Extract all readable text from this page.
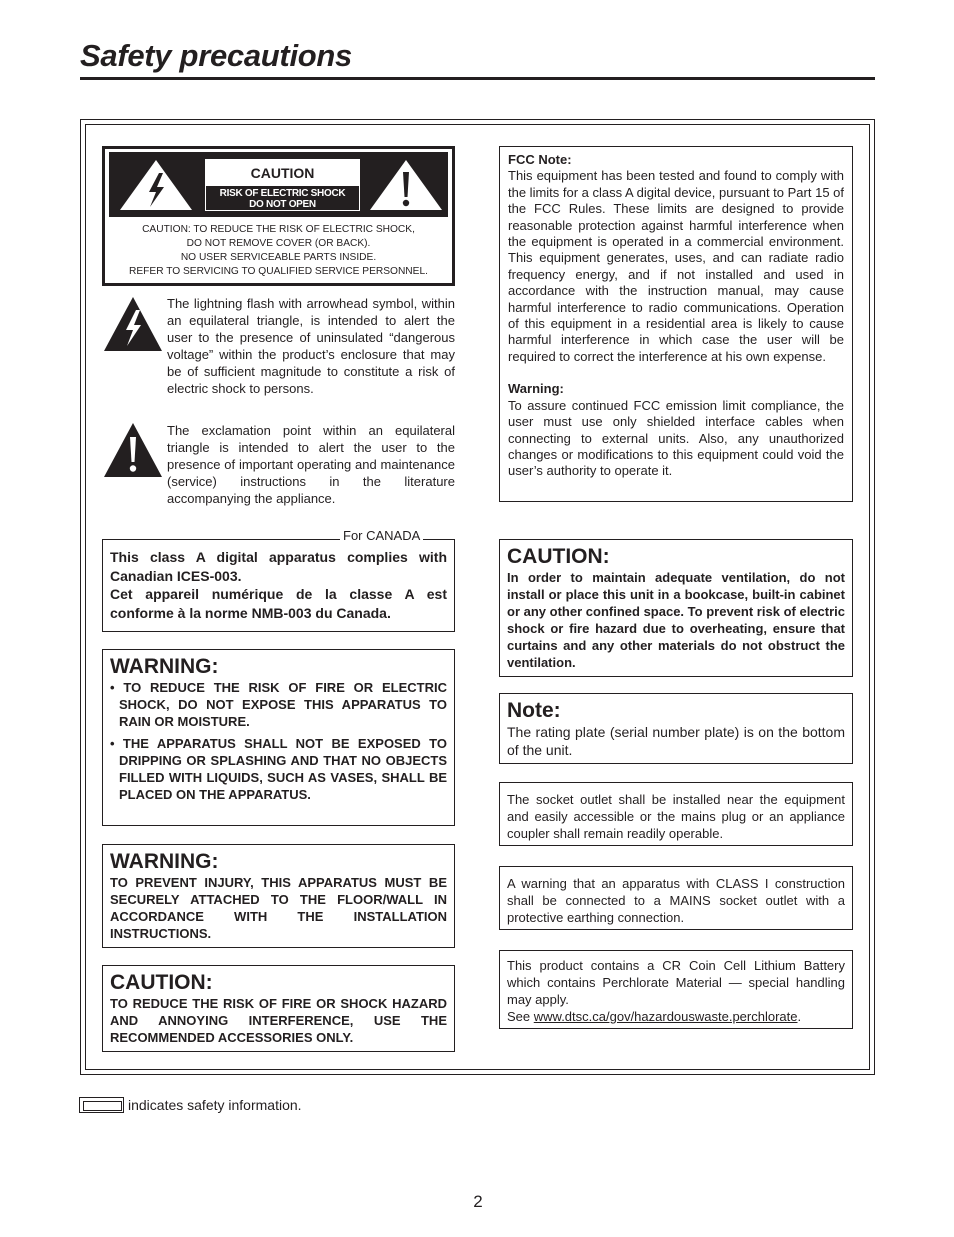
Safety precautions
CAUTION
RISK OF ELECTRIC SHOCK
DO NOT OPEN
CAUTION: TO REDUCE THE RISK OF ELECTRIC SHOCK,
DO NOT REMOVE COVER (OR BACK).
NO USER SERVICEABLE PARTS INSIDE.
REFER TO SERVICING TO QUALIFIED SERVICE PERSONNEL.
The lightning flash with arrowhead symbol, within an equilateral triangle, is intended to alert the user to the presence of uninsulated “dangerous voltage” within the product’s enclosure that may be of sufficient magnitude to constitute a risk of electric shock to persons.
The exclamation point within an equilateral triangle is intended to alert the user to the presence of important operating and maintenance (service) instructions in the literature accompanying the appliance.
FCC Note:
This equipment has been tested and found to comply with the limits for a class A digital device, pursuant to Part 15 of the FCC Rules. These limits are designed to provide reasonable protection against harmful interference when the equipment is operated in a commercial environment. This equipment generates, uses, and can radiate radio frequency energy, and if not installed and used in accordance with the instruction manual, may cause harmful interference to radio communications. Operation of this equipment in a residential area is likely to cause harmful interference in which case the user will be required to correct the interference at his own expense.
Warning:
To assure continued FCC emission limit compliance, the user must use only shielded interface cables when connecting to external units. Also, any unauthorized changes or modifications to this equipment could void the user’s authority to operate it.
This class A digital apparatus complies with Canadian ICES-003.
Cet appareil numérique de la classe A est conforme à la norme NMB-003 du Canada.
For CANADA
WARNING:
• TO REDUCE THE RISK OF FIRE OR ELECTRIC SHOCK, DO NOT EXPOSE THIS APPARATUS TO RAIN OR MOISTURE.
• THE APPARATUS SHALL NOT BE EXPOSED TO DRIPPING OR SPLASHING AND THAT NO OBJECTS FILLED WITH LIQUIDS, SUCH AS VASES, SHALL BE PLACED ON THE APPARATUS.
WARNING:
TO PREVENT INJURY, THIS APPARATUS MUST BE SECURELY ATTACHED TO THE FLOOR/WALL IN ACCORDANCE WITH THE INSTALLATION INSTRUCTIONS.
CAUTION:
TO REDUCE THE RISK OF FIRE OR SHOCK HAZARD AND ANNOYING INTERFERENCE, USE THE RECOMMENDED ACCESSORIES ONLY.
CAUTION:
In order to maintain adequate ventilation, do not install or place this unit in a bookcase, built-in cabinet or any other confined space. To prevent risk of electric shock or fire hazard due to overheating, ensure that curtains and any other materials do not obstruct the ventilation.
Note:
The rating plate (serial number plate) is on the bottom of the unit.
The socket outlet shall be installed near the equipment and easily accessible or the mains plug or an appliance coupler shall remain readily operable.
A warning that an apparatus with CLASS I construction shall be connected to a MAINS socket outlet with a protective earthing connection.
This product contains a CR Coin Cell Lithium Battery which contains Perchlorate Material — special handling may apply.
See www.dtsc.ca/gov/hazardouswaste.perchlorate.
indicates safety information.
2
